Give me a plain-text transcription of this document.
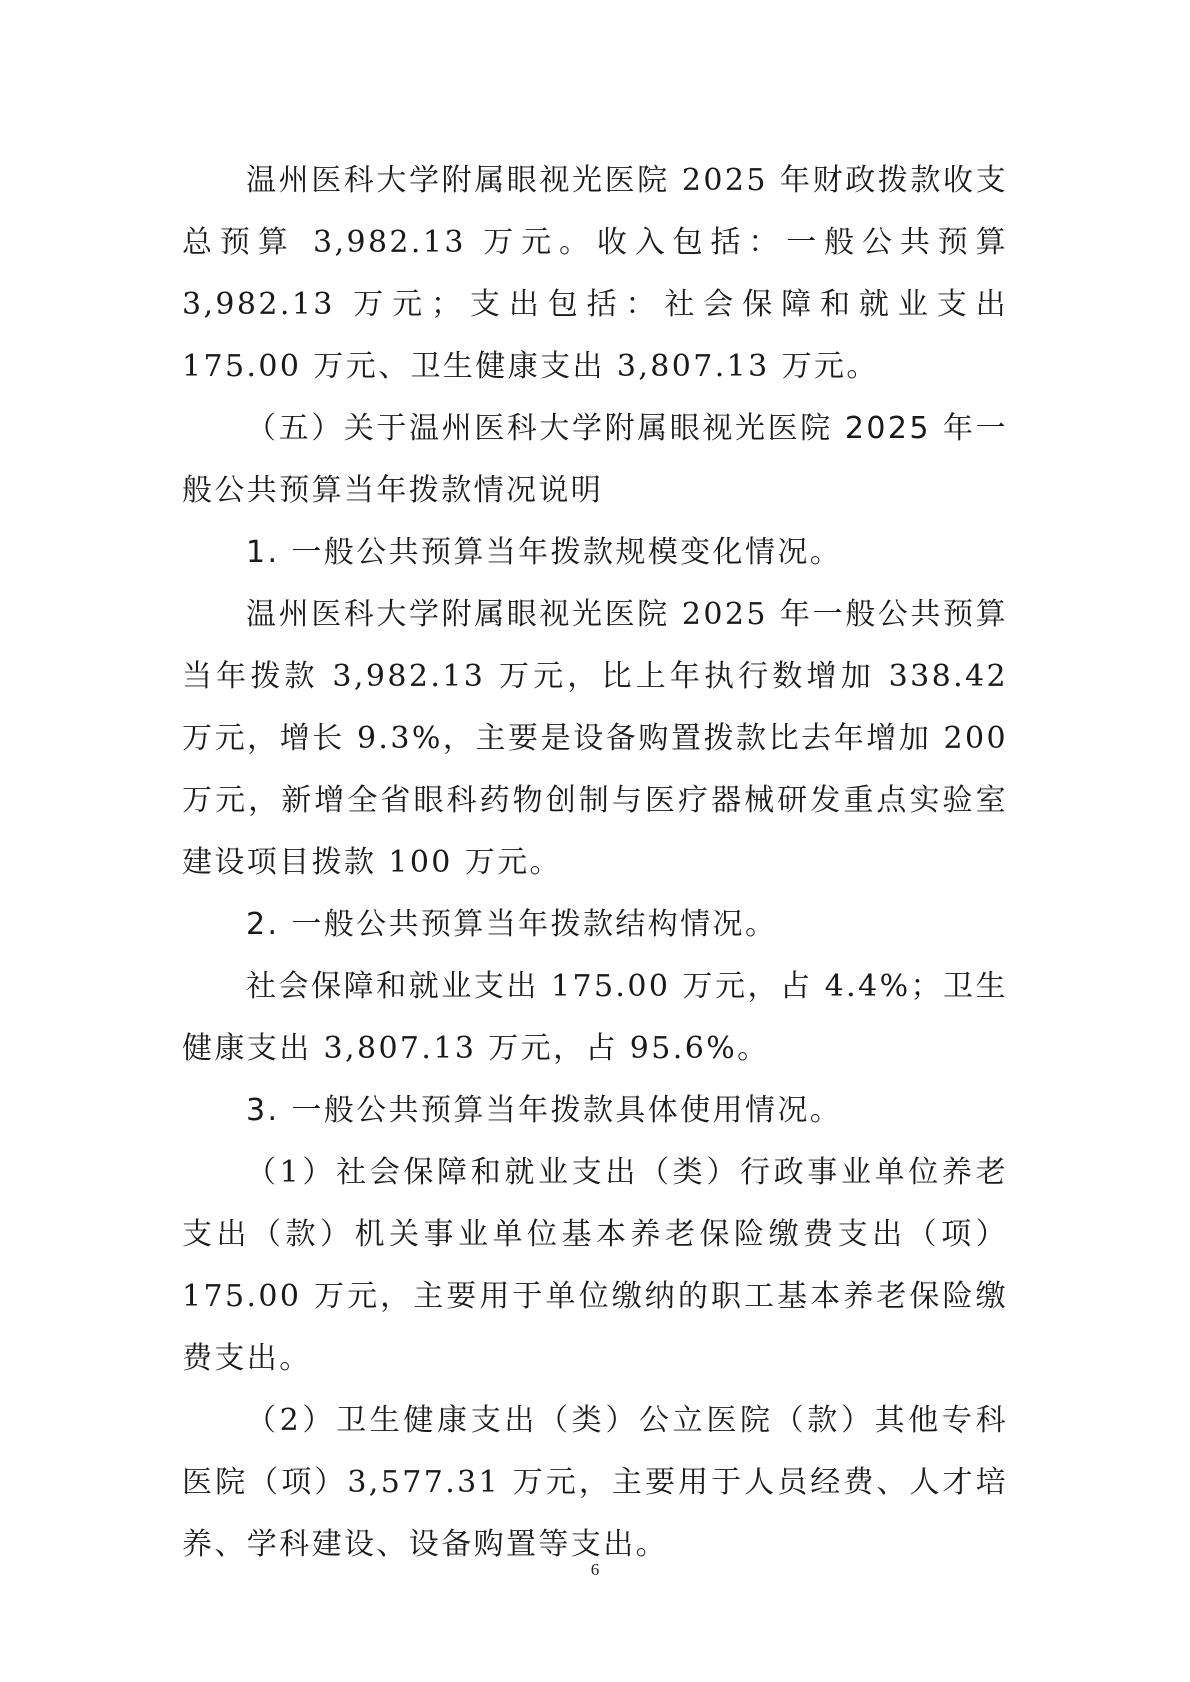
温州医科大学附属眼视光医院 2025 年财政拨款收支总预算 3,982.13 万元。收入包括：一般公共预算 3,982.13 万元；支出包括：社会保障和就业支出 175.00 万元、卫生健康支出 3,807.13 万元。

（五）关于温州医科大学附属眼视光医院 2025 年一般公共预算当年拨款情况说明

1. 一般公共预算当年拨款规模变化情况。

温州医科大学附属眼视光医院 2025 年一般公共预算当年拨款 3,982.13 万元，比上年执行数增加 338.42 万元，增长 9.3%，主要是设备购置拨款比去年增加 200 万元，新增全省眼科药物创制与医疗器械研发重点实验室建设项目拨款 100 万元。

2. 一般公共预算当年拨款结构情况。

社会保障和就业支出 175.00 万元，占 4.4%；卫生健康支出 3,807.13 万元，占 95.6%。

3. 一般公共预算当年拨款具体使用情况。

（1）社会保障和就业支出（类）行政事业单位养老支出（款）机关事业单位基本养老保险缴费支出（项）175.00 万元，主要用于单位缴纳的职工基本养老保险缴费支出。

（2）卫生健康支出（类）公立医院（款）其他专科医院（项）3,577.31 万元，主要用于人员经费、人才培养、学科建设、设备购置等支出。

6
